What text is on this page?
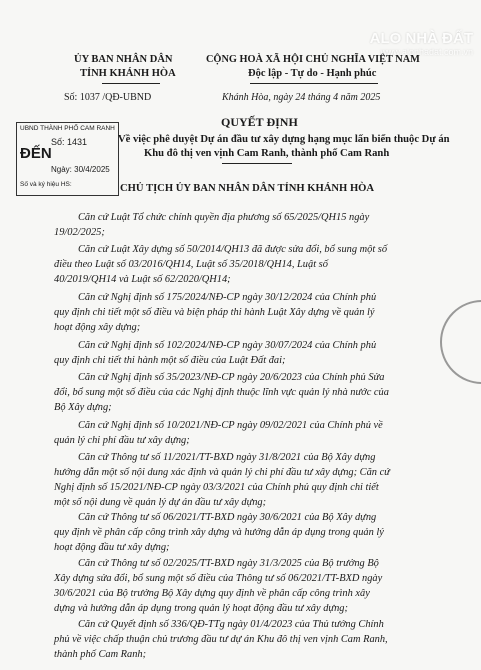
ỦY BAN NHÂN DÂN
TỈNH KHÁNH HÒA
Số: 1037 /QĐ-UBND
CỘNG HOÀ XÃ HỘI CHỦ NGHĨA VIỆT NAM
Độc lập - Tự do - Hạnh phúc
Khánh Hòa, ngày 24 tháng 4 năm 2025
UBND THÀNH PHỐ CAM RANH
Số: 1431
ĐẾN
Ngày: 30/4/2025
Số và ký hiệu HS:
QUYẾT ĐỊNH
Về việc phê duyệt Dự án đầu tư xây dựng hạng mục lấn biển thuộc Dự án
Khu đô thị ven vịnh Cam Ranh, thành phố Cam Ranh
CHỦ TỊCH ỦY BAN NHÂN DÂN TỈNH KHÁNH HÒA
Căn cứ Luật Tổ chức chính quyền địa phương số 65/2025/QH15 ngày
19/02/2025;
Căn cứ Luật Xây dựng số 50/2014/QH13 đã được sửa đổi, bổ sung một số
điều theo Luật số 03/2016/QH14, Luật số 35/2018/QH14, Luật số
40/2019/QH14 và Luật số 62/2020/QH14;
Căn cứ Nghị định số 175/2024/NĐ-CP ngày 30/12/2024 của Chính phủ
quy định chi tiết một số điều và biện pháp thi hành Luật Xây dựng về quản lý
hoạt động xây dựng;
Căn cứ Nghị định số 102/2024/NĐ-CP ngày 30/07/2024 của Chính phủ
quy định chi tiết thi hành một số điều của Luật Đất đai;
Căn cứ Nghị định số 35/2023/NĐ-CP ngày 20/6/2023 của Chính phủ Sửa
đổi, bổ sung một số điều của các Nghị định thuộc lĩnh vực quản lý nhà nước của
Bộ Xây dựng;
Căn cứ Nghị định số 10/2021/NĐ-CP ngày 09/02/2021 của Chính phủ về
quản lý chi phí đầu tư xây dựng;
Căn cứ Thông tư số 11/2021/TT-BXD ngày 31/8/2021 của Bộ Xây dựng
hướng dẫn một số nội dung xác định và quản lý chi phí đầu tư xây dựng; Căn cứ
Nghị định số 15/2021/NĐ-CP ngày 03/3/2021 của Chính phủ quy định chi tiết
một số nội dung về quản lý dự án đầu tư xây dựng;
Căn cứ Thông tư số 06/2021/TT-BXD ngày 30/6/2021 của Bộ Xây dựng
quy định về phân cấp công trình xây dựng và hướng dẫn áp dụng trong quản lý
hoạt động đầu tư xây dựng;
Căn cứ Thông tư số 02/2025/TT-BXD ngày 31/3/2025 của Bộ trưởng Bộ
Xây dựng sửa đổi, bổ sung một số điều của Thông tư số 06/2021/TT-BXD ngày
30/6/2021 của Bộ trưởng Bộ Xây dựng quy định về phân cấp công trình xây
dựng và hướng dẫn áp dụng trong quản lý hoạt động đầu tư xây dựng;
Căn cứ Quyết định số 336/QĐ-TTg ngày 01/4/2023 của Thủ tướng Chính
phủ về việc chấp thuận chủ trương đầu tư dự án Khu đô thị ven vịnh Cam Ranh,
thành phố Cam Ranh;
ALO NHÀ ĐẤT
www.alonhadat.com.vn
